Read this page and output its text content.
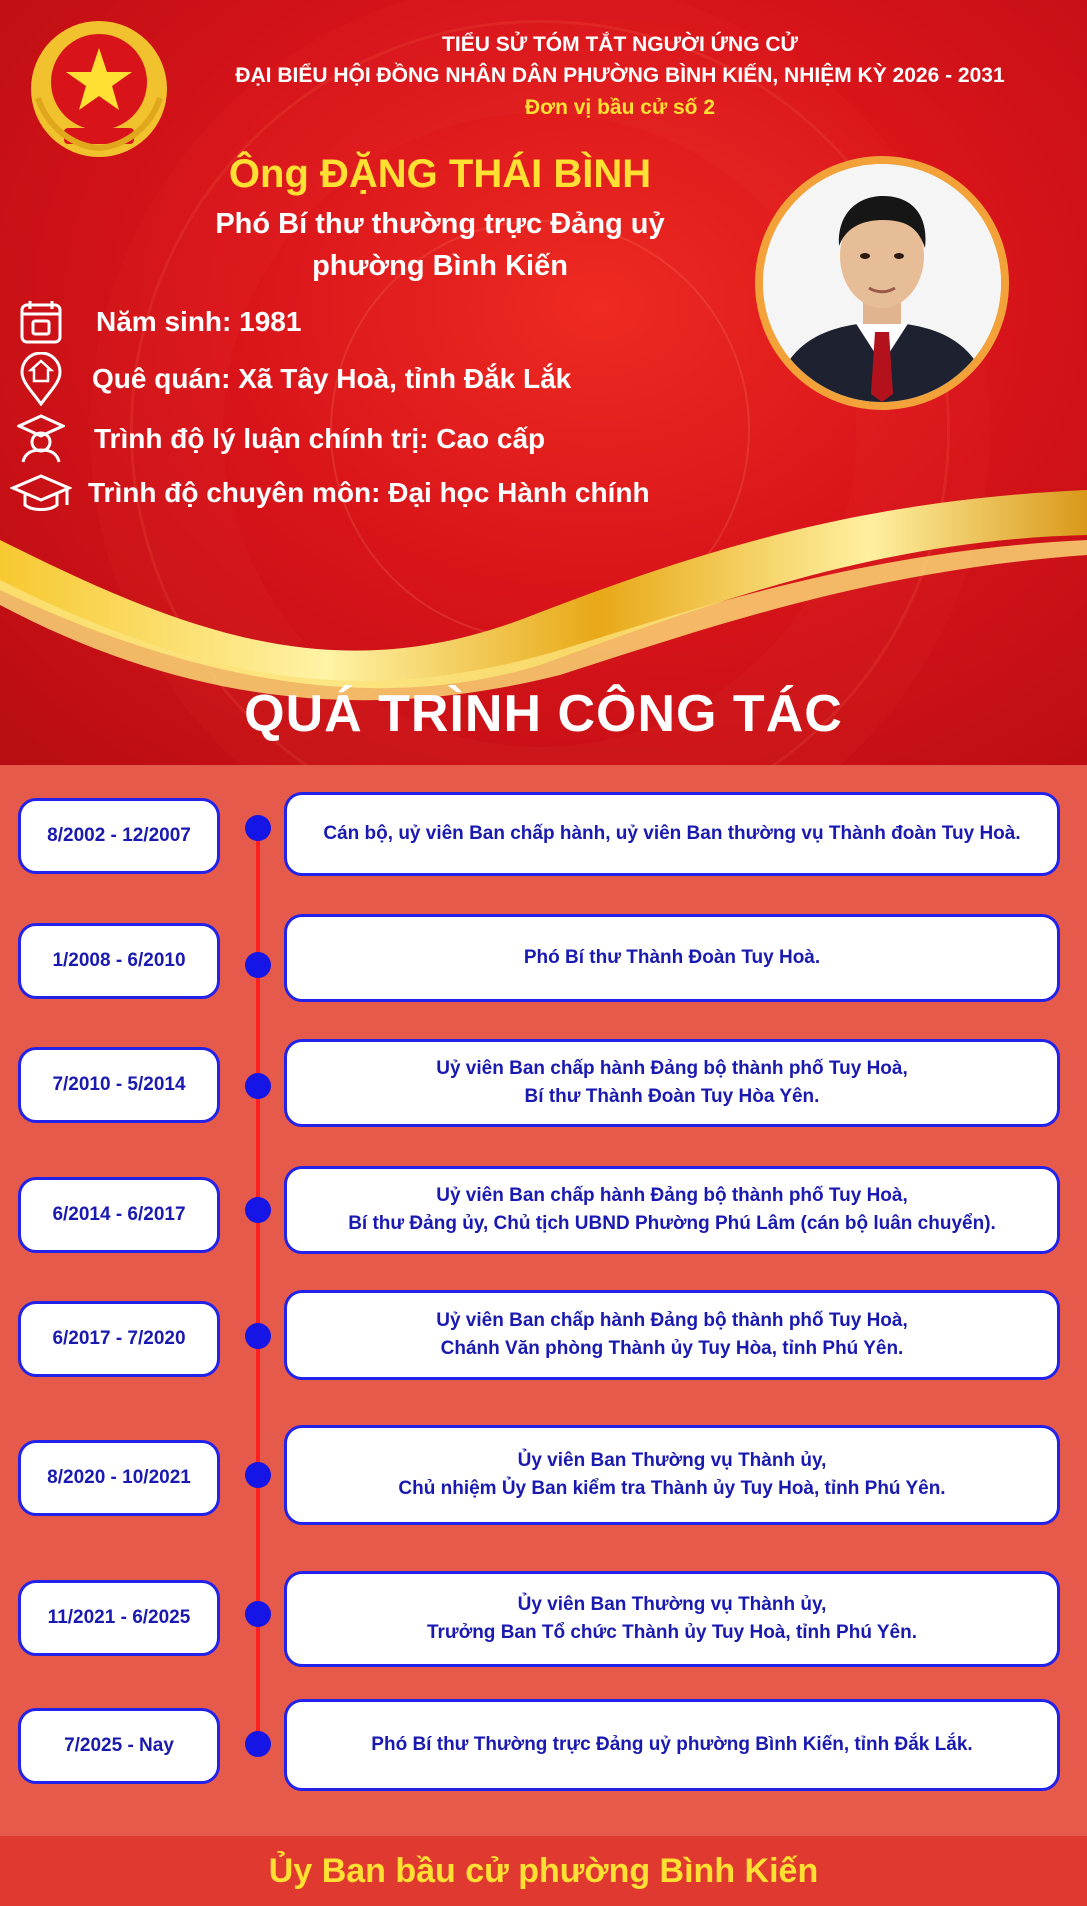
TIỂU SỬ TÓM TẮT NGƯỜI ỨNG CỬ
ĐẠI BIỂU HỘI ĐỒNG NHÂN DÂN PHƯỜNG BÌNH KIẾN, NHIỆM KỲ 2026 - 2031
Đơn vị bầu cử số 2
Ông ĐẶNG THÁI BÌNH
Phó Bí thư thường trực Đảng uỷ
phường Bình Kiến
Năm sinh: 1981
Quê quán: Xã Tây Hoà, tỉnh Đắk Lắk
Trình độ lý luận chính trị: Cao cấp
Trình độ chuyên môn: Đại học Hành chính
QUÁ TRÌNH CÔNG TÁC
8/2002 - 12/2007	Cán bộ, uỷ viên Ban chấp hành, uỷ viên Ban thường vụ Thành đoàn Tuy Hoà.
1/2008 - 6/2010	Phó Bí thư Thành Đoàn Tuy Hoà.
7/2010 - 5/2014
Uỷ viên Ban chấp hành Đảng bộ thành phố Tuy Hoà,
Bí thư Thành Đoàn Tuy Hòa Yên.
6/2014 - 6/2017
Uỷ viên Ban chấp hành Đảng bộ thành phố Tuy Hoà,
Bí thư Đảng ủy, Chủ tịch UBND Phường Phú Lâm (cán bộ luân chuyển).
6/2017 - 7/2020
Uỷ viên Ban chấp hành Đảng bộ thành phố Tuy Hoà,
Chánh Văn phòng Thành ủy Tuy Hòa, tỉnh Phú Yên.
8/2020 - 10/2021
Ủy viên Ban Thường vụ Thành ủy,
Chủ nhiệm Ủy Ban kiểm tra Thành ủy Tuy Hoà, tỉnh Phú Yên.
11/2021 - 6/2025
Ủy viên Ban Thường vụ Thành ủy,
Trưởng Ban Tổ chức Thành ủy Tuy Hoà, tỉnh Phú Yên.
7/2025 - Nay	Phó Bí thư Thường trực Đảng uỷ phường Bình Kiến, tỉnh Đắk Lắk.
Ủy Ban bầu cử phường Bình Kiến
